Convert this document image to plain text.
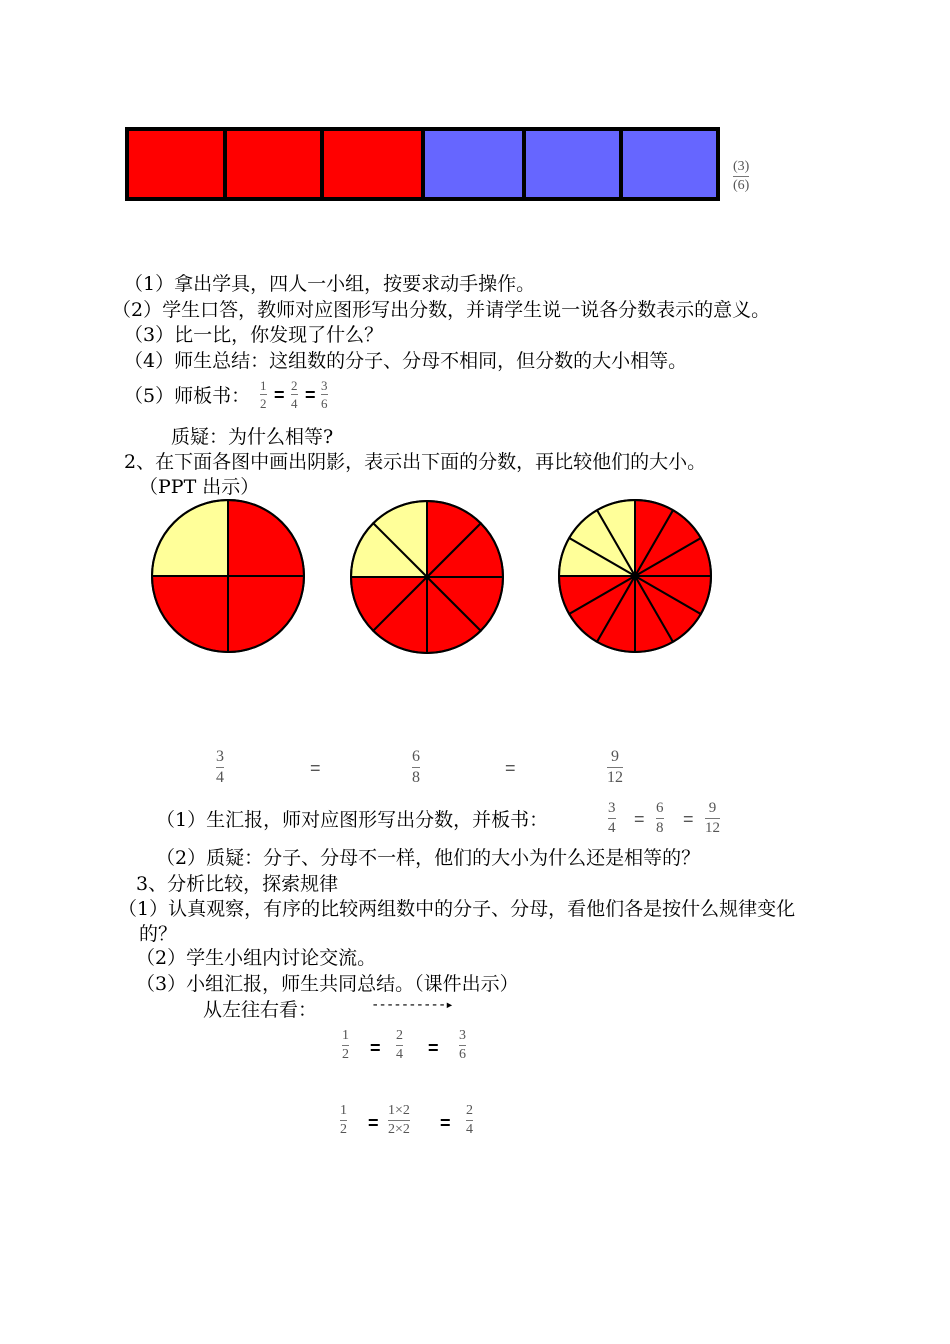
(3)
(6)
（1）拿出学具，四人一小组，按要求动手操作。
（2）学生口答，教师对应图形写出分数，并请学生说一说各分数表示的意义。
（3）比一比，你发现了什么？
（4）师生总结：这组数的分子、分母不相同，但分数的大小相等。
（5）师板书： 1
2 = 2
4 = 3
6
质疑：为什么相等?
2、在下面各图中画出阴影，表示出下面的分数，再比较他们的大小。
（PPT 出示）
3
4	=
6
8	=
9
12
（1）生汇报，师对应图形写出分数，并板书：
3
4 =
6
8 =
9
12
（2）质疑：分子、分母不一样，他们的大小为什么还是相等的？
3、分析比较，探索规律
（1）认真观察，有序的比较两组数中的分子、分母，看他们各是按什么规律变化
的？
（2）学生小组内讨论交流。
（3）小组汇报，师生共同总结。（课件出示）
从左往右看：	----------▸
1
2 =
2
4 =
3
6
1
2 =
1×2
2×2 =
2
4
